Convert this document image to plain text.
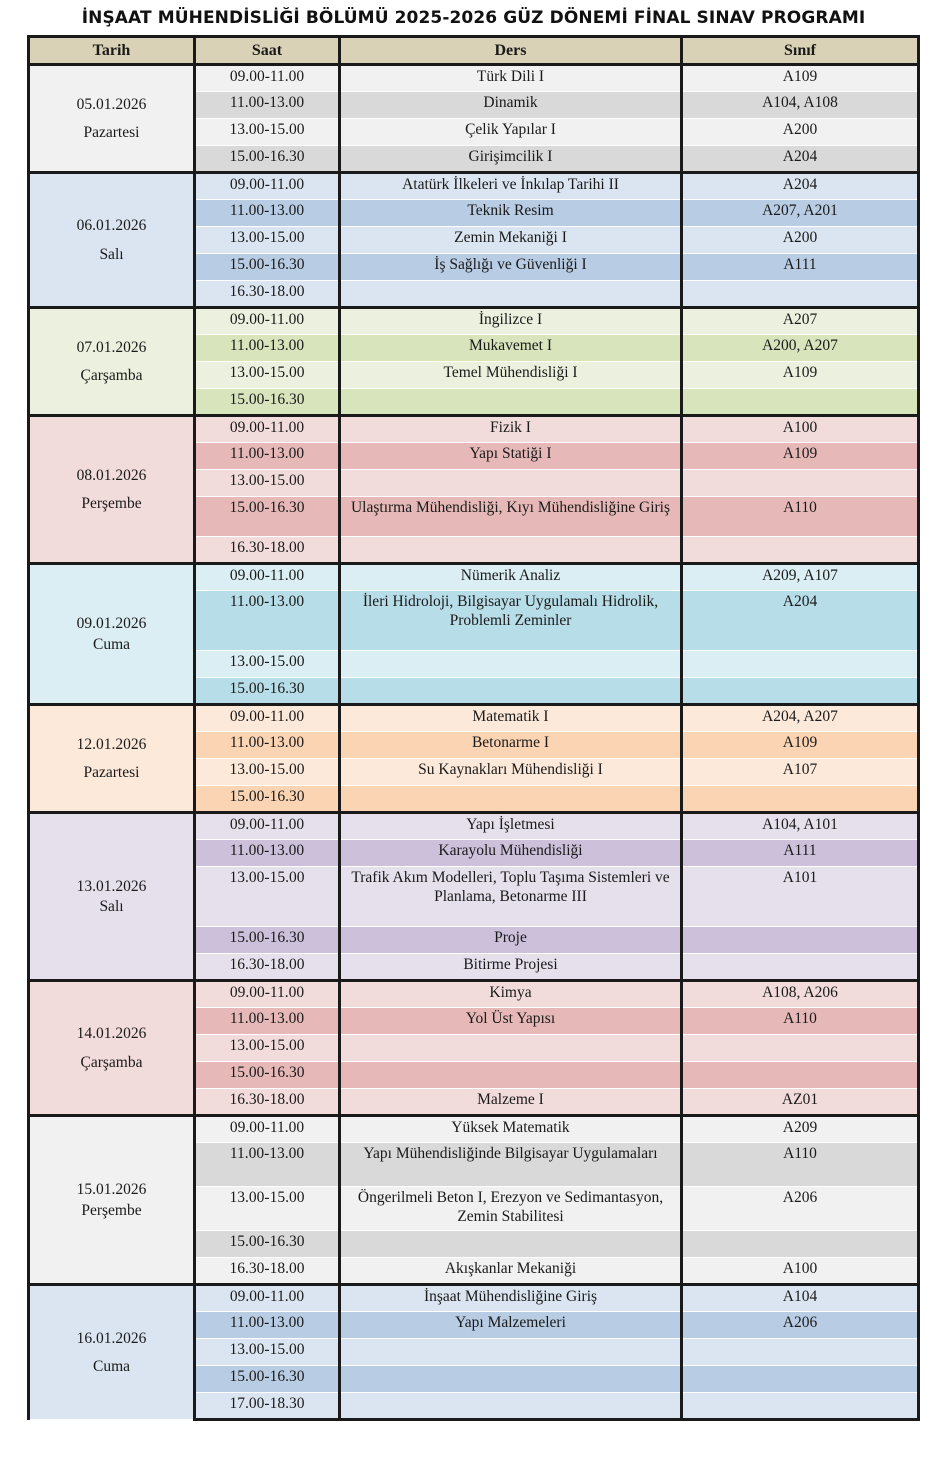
İNŞAAT MÜHENDİSLİĞİ BÖLÜMÜ 2025-2026 GÜZ DÖNEMİ FİNAL SINAV PROGRAMI
Tarih	Saat	Ders	Sınıf

05.01.2026
Pazartesi	09.00-11.00	Türk Dili I	A109
	11.00-13.00	Dinamik	A104, A108
	13.00-15.00	Çelik Yapılar I	A200
	15.00-16.30	Girişimcilik I	A204

06.01.2026
Salı	09.00-11.00	Atatürk İlkeleri ve İnkılap Tarihi II	A204
	11.00-13.00	Teknik Resim	A207, A201
	13.00-15.00	Zemin Mekaniği I	A200
	15.00-16.30	İş Sağlığı ve Güvenliği I	A111
	16.30-18.00		

07.01.2026
Çarşamba	09.00-11.00	İngilizce I	A207
	11.00-13.00	Mukavemet I	A200, A207
	13.00-15.00	Temel Mühendisliği I	A109
	15.00-16.30		

08.01.2026
Perşembe	09.00-11.00	Fizik I	A100
	11.00-13.00	Yapı Statiği I	A109
	13.00-15.00		
	15.00-16.30	Ulaştırma Mühendisliği, Kıyı Mühendisliğine Giriş	A110
	16.30-18.00		

09.01.2026
Cuma	09.00-11.00	Nümerik Analiz	A209, A107
	11.00-13.00	İleri Hidroloji, Bilgisayar Uygulamalı Hidrolik, Problemli Zeminler	A204
	13.00-15.00		
	15.00-16.30		

12.01.2026
Pazartesi	09.00-11.00	Matematik I	A204, A207
	11.00-13.00	Betonarme I	A109
	13.00-15.00	Su Kaynakları Mühendisliği I	A107
	15.00-16.30		

13.01.2026
Salı	09.00-11.00	Yapı İşletmesi	A104, A101
	11.00-13.00	Karayolu Mühendisliği	A111
	13.00-15.00	Trafik Akım Modelleri, Toplu Taşıma Sistemleri ve Planlama, Betonarme III	A101
	15.00-16.30	Proje	
	16.30-18.00	Bitirme Projesi	

14.01.2026
Çarşamba	09.00-11.00	Kimya	A108, A206
	11.00-13.00	Yol Üst Yapısı	A110
	13.00-15.00		
	15.00-16.30		
	16.30-18.00	Malzeme I	AZ01

15.01.2026
Perşembe	09.00-11.00	Yüksek Matematik	A209
	11.00-13.00	Yapı Mühendisliğinde Bilgisayar Uygulamaları	A110
	13.00-15.00	Öngerilmeli Beton I, Erezyon ve Sedimantasyon, Zemin Stabilitesi	A206
	15.00-16.30		
	16.30-18.00	Akışkanlar Mekaniği	A100

16.01.2026
Cuma	09.00-11.00	İnşaat Mühendisliğine Giriş	A104
	11.00-13.00	Yapı Malzemeleri	A206
	13.00-15.00		
	15.00-16.30		
	17.00-18.30		
